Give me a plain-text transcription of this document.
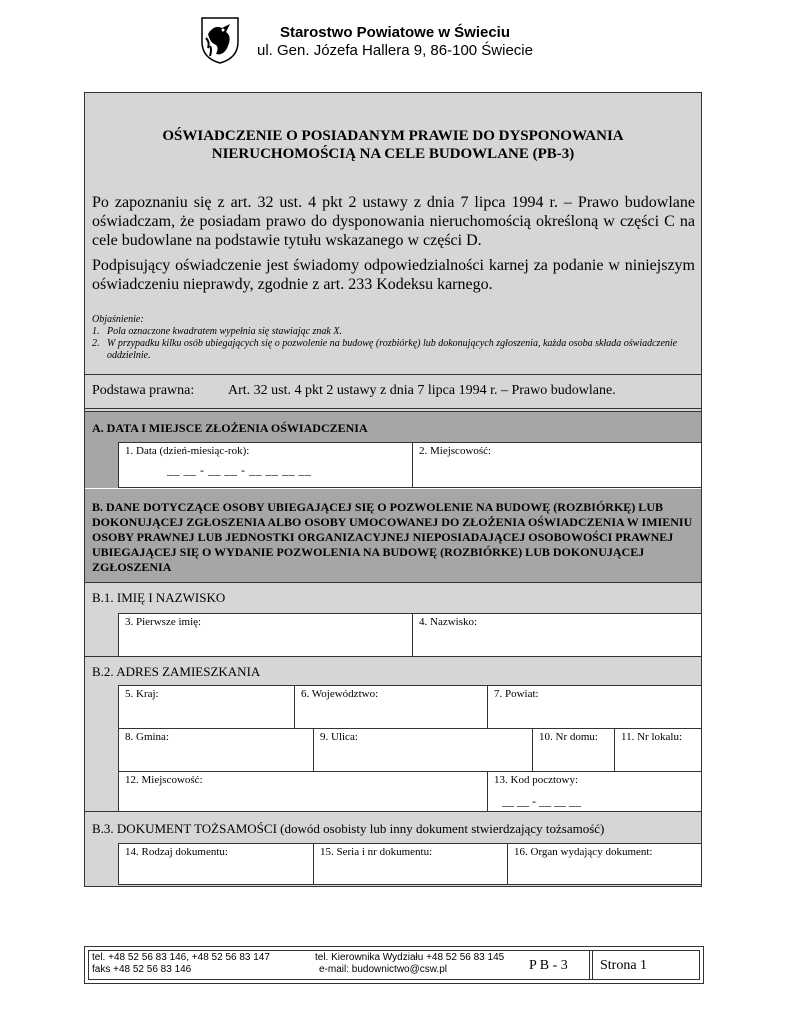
Starostwo Powiatowe w Świeciu
ul. Gen. Józefa Hallera 9, 86-100 Świecie
OŚWIADCZENIE O POSIADANYM PRAWIE DO DYSPONOWANIA
NIERUCHOMOŚCIĄ NA CELE BUDOWLANE (PB-3)
Po zapoznaniu się z art. 32 ust. 4 pkt 2 ustawy z dnia 7 lipca 1994 r. – Prawo budowlane oświadczam, że posiadam prawo do dysponowania nieruchomością określoną w części C na cele budowlane na podstawie tytułu wskazanego w części D.
Podpisujący oświadczenie jest świadomy odpowiedzialności karnej za podanie w niniejszym oświadczeniu nieprawdy, zgodnie z art. 233 Kodeksu karnego.
Objaśnienie:
1. Pola oznaczone kwadratem wypełnia się stawiając znak X.
2. W przypadku kilku osób ubiegających się o pozwolenie na budowę (rozbiórkę) lub dokonujących zgłoszenia, każda osoba składa oświadczenie oddzielnie.
Podstawa prawna: Art. 32 ust. 4 pkt 2 ustawy z dnia 7 lipca 1994 r. – Prawo budowlane.
A. DATA I MIEJSCE ZŁOŻENIA OŚWIADCZENIA
1. Data (dzień-miesiąc-rok):
__ __ - __ __ - __ __ __ __
2. Miejscowość:
B. DANE DOTYCZĄCE OSOBY UBIEGAJĄCEJ SIĘ O POZWOLENIE NA BUDOWĘ (ROZBIÓRKĘ) LUB DOKONUJĄCEJ ZGŁOSZENIA ALBO OSOBY UMOCOWANEJ DO ZŁOŻENIA OŚWIADCZENIA W IMIENIU OSOBY PRAWNEJ LUB JEDNOSTKI ORGANIZACYJNEJ NIEPOSIADAJĄCEJ OSOBOWOŚCI PRAWNEJ UBIEGAJĄCEJ SIĘ O WYDANIE POZWOLENIA NA BUDOWĘ (ROZBIÓRKE) LUB DOKONUJĄCEJ ZGŁOSZENIA
B.1. IMIĘ I NAZWISKO
3. Pierwsze imię:	4. Nazwisko:
B.2. ADRES ZAMIESZKANIA
5. Kraj:	6. Województwo:	7. Powiat:
8. Gmina:	9. Ulica:	10. Nr domu:	11. Nr lokalu:
12. Miejscowość:	13. Kod pocztowy:
__ __ - __ __ __
B.3. DOKUMENT TOŻSAMOŚCI (dowód osobisty lub inny dokument stwierdzający tożsamość)
14. Rodzaj dokumentu:	15. Seria i nr dokumentu:	16. Organ wydający dokument:
tel. +48 52 56 83 146, +48 52 56 83 147
faks +48 52 56 83 146
tel. Kierownika Wydziału +48 52 56 83 145
e-mail: budownictwo@csw.pl	P B - 3 Strona 1
